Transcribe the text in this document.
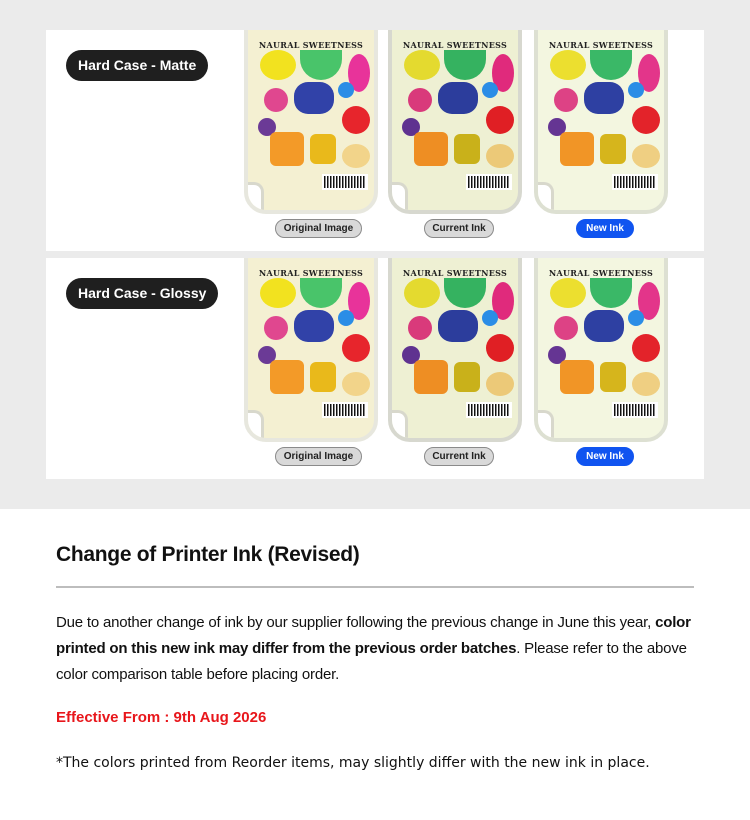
Hard Case - Matte
NAURAL SWEETNESS	NAURAL SWEETNESS	NAURAL SWEETNESS
Original Image	Current Ink	New Ink
Hard Case - Glossy
NAURAL SWEETNESS	NAURAL SWEETNESS	NAURAL SWEETNESS
Original Image	Current Ink	New Ink
Change of Printer Ink (Revised)
Due to another change of ink by our supplier following the previous change in June this year, color printed on this new ink may differ from the previous order batches. Please refer to the above color comparison table before placing order.
Effective From : 9th Aug 2026
*The colors printed from Reorder items, may slightly differ with the new ink in place.
